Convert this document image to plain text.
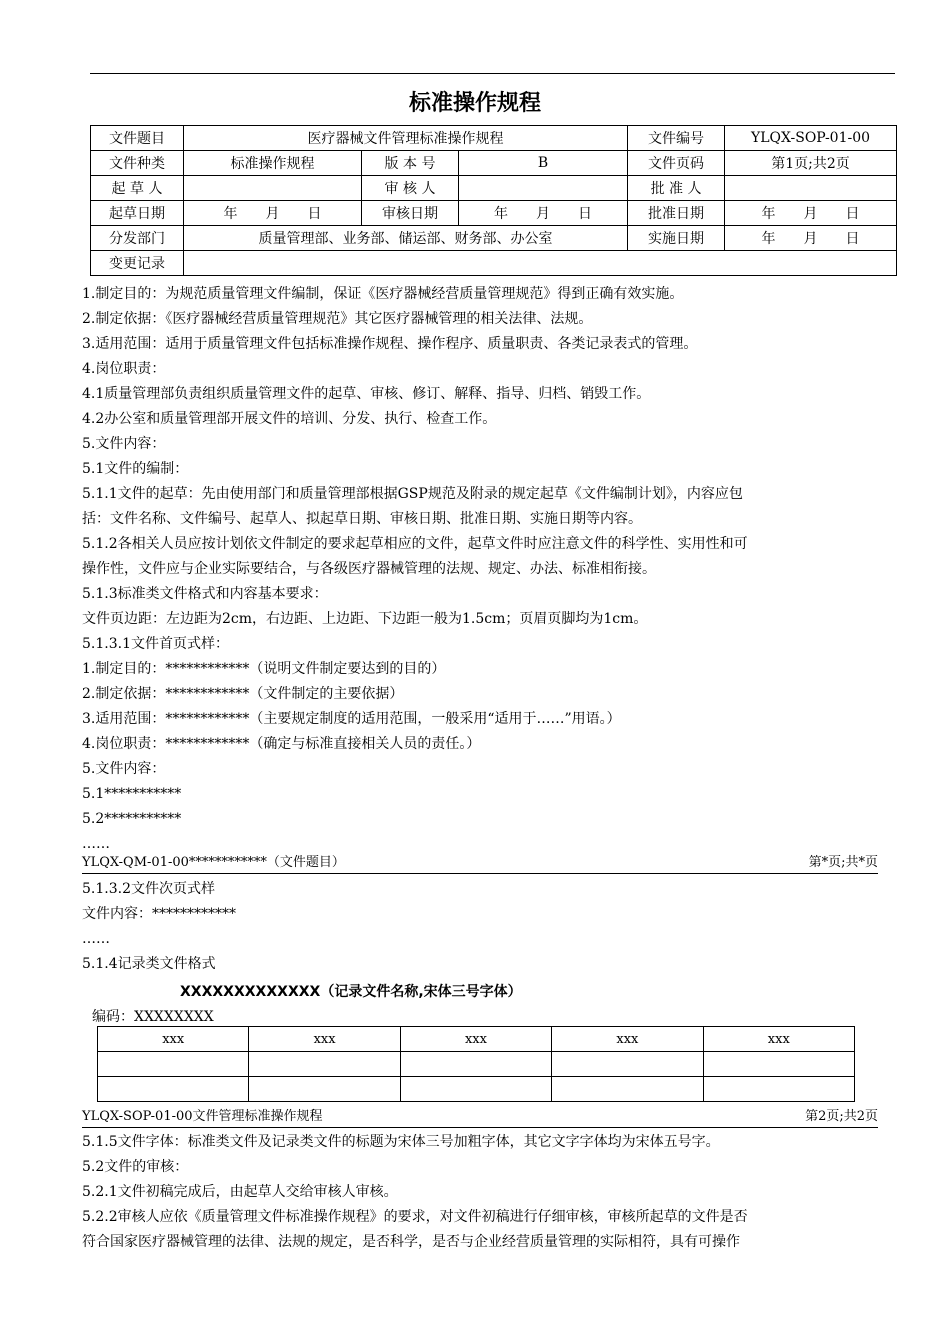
标准操作规程
文件题目	医疗器械文件管理标准操作规程			文件编号	YLQX-SOP-01-00
文件种类	标准操作规程	版 本 号	B	文件页码	第1页;共2页
起 草 人		审 核 人		批 准 人	
起草日期	年　　月　　日	审核日期	年　　月　　日	批准日期	年　　月　　日
分发部门	质量管理部、业务部、储运部、财务部、办公室			实施日期	年　　月　　日
变更记录					
1.制定目的：为规范质量管理文件编制，保证《医疗器械经营质量管理规范》得到正确有效实施。
2.制定依据：《医疗器械经营质量管理规范》其它医疗器械管理的相关法律、法规。
3.适用范围：适用于质量管理文件包括标准操作规程、操作程序、质量职责、各类记录表式的管理。
4.岗位职责：
4.1质量管理部负责组织质量管理文件的起草、审核、修订、解释、指导、归档、销毁工作。
4.2办公室和质量管理部开展文件的培训、分发、执行、检查工作。
5.文件内容：
5.1文件的编制：
5.1.1文件的起草：先由使用部门和质量管理部根据GSP规范及附录的规定起草《文件编制计划》，内容应包
括：文件名称、文件编号、起草人、拟起草日期、审核日期、批准日期、实施日期等内容。
5.1.2各相关人员应按计划依文件制定的要求起草相应的文件，起草文件时应注意文件的科学性、实用性和可
操作性，文件应与企业实际要结合，与各级医疗器械管理的法规、规定、办法、标准相衔接。
5.1.3标准类文件格式和内容基本要求：
文件页边距：左边距为2cm，右边距、上边距、下边距一般为1.5cm；页眉页脚均为1cm。
5.1.3.1文件首页式样：
1.制定目的：************（说明文件制定要达到的目的）
2.制定依据：************（文件制定的主要依据）
3.适用范围：************（主要规定制度的适用范围，一般采用“适用于……”用语。）
4.岗位职责：************（确定与标准直接相关人员的责任。）
5.文件内容：
5.1***********
5.2***********
……
YLQX-QM-01-00************（文件题目）	第*页;共*页
5.1.3.2文件次页式样
文件内容：************
……
5.1.4记录类文件格式
XXXXXXXXXXXXX（记录文件名称,宋体三号字体）
编码：XXXXXXXX
xxx	xxx	xxx	xxx	xxx

YLQX-SOP-01-00文件管理标准操作规程	第2页;共2页
5.1.5文件字体：标准类文件及记录类文件的标题为宋体三号加粗字体，其它文字字体均为宋体五号字。
5.2文件的审核：
5.2.1文件初稿完成后，由起草人交给审核人审核。
5.2.2审核人应依《质量管理文件标准操作规程》的要求，对文件初稿进行仔细审核，审核所起草的文件是否
符合国家医疗器械管理的法律、法规的规定，是否科学，是否与企业经营质量管理的实际相符，具有可操作
